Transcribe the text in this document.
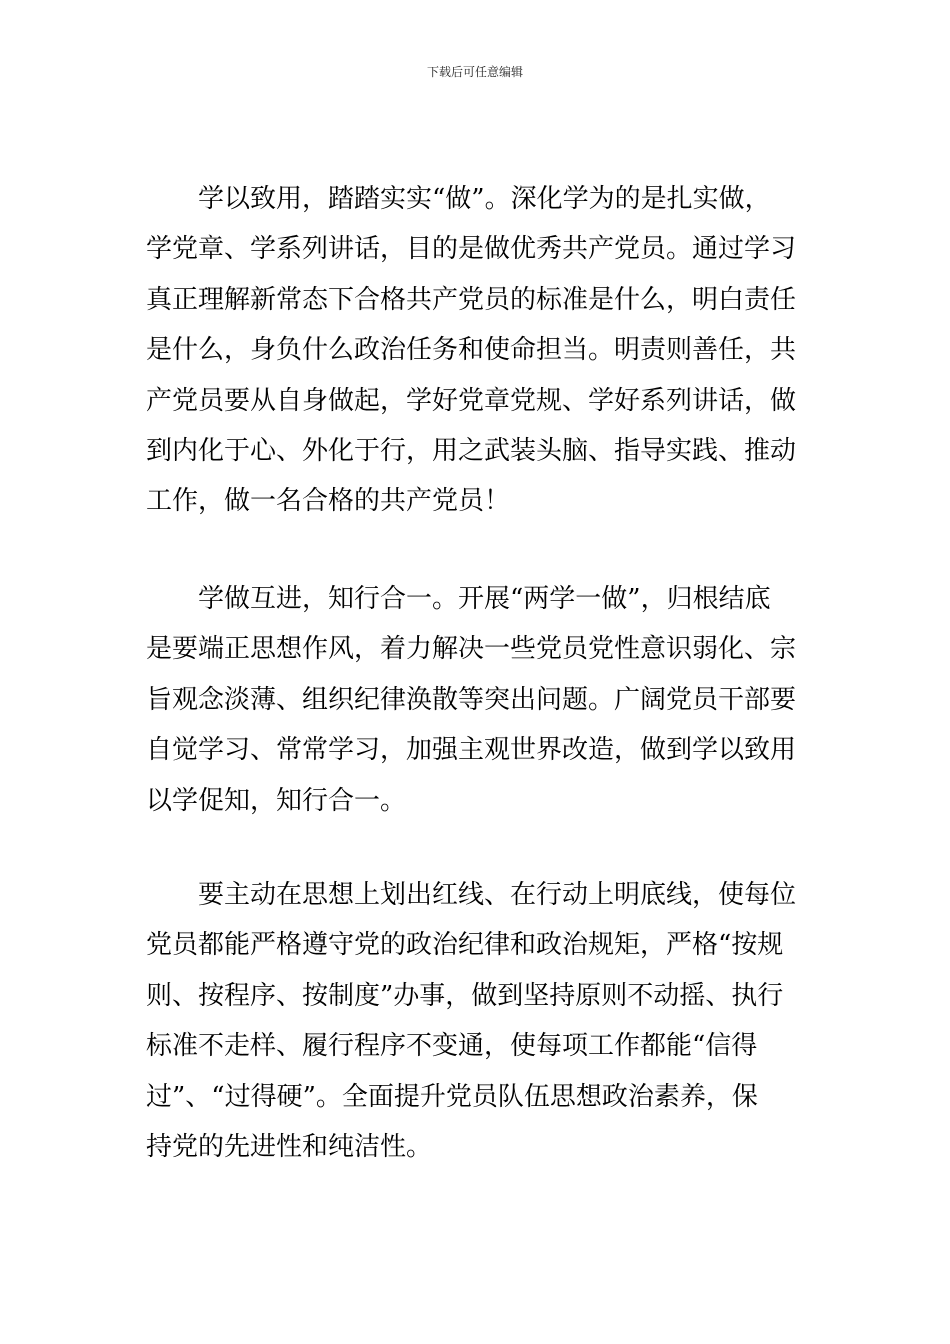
下载后可任意编辑
学以致用，踏踏实实“做”。深化学为的是扎实做，
学党章、学系列讲话，目的是做优秀共产党员。通过学习
真正理解新常态下合格共产党员的标准是什么，明白责任
是什么，身负什么政治任务和使命担当。明责则善任，共
产党员要从自身做起，学好党章党规、学好系列讲话，做
到内化于心、外化于行，用之武装头脑、指导实践、推动
工作，做一名合格的共产党员！
学做互进，知行合一。开展“两学一做”，归根结底
是要端正思想作风，着力解决一些党员党性意识弱化、宗
旨观念淡薄、组织纪律涣散等突出问题。广阔党员干部要
自觉学习、常常学习，加强主观世界改造，做到学以致用
以学促知，知行合一。
要主动在思想上划出红线、在行动上明底线，使每位
党员都能严格遵守党的政治纪律和政治规矩，严格“按规
则、按程序、按制度”办事，做到坚持原则不动摇、执行
标准不走样、履行程序不变通，使每项工作都能“信得
过”、“过得硬”。全面提升党员队伍思想政治素养，保
持党的先进性和纯洁性。
